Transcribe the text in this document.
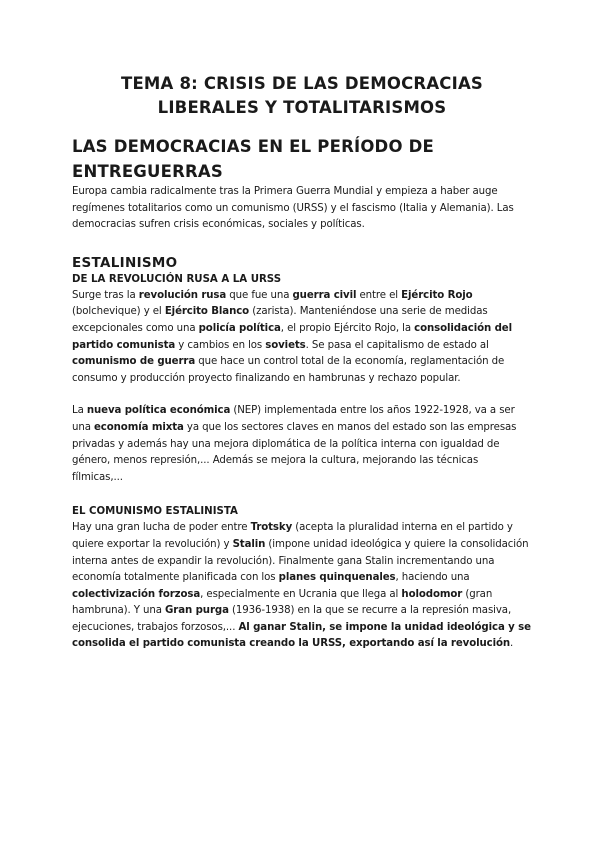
TEMA 8: CRISIS DE LAS DEMOCRACIAS
LIBERALES Y TOTALITARISMOS
LAS DEMOCRACIAS EN EL PERÍODO DE
ENTREGUERRAS

Europa cambia radicalmente tras la Primera Guerra Mundial y empieza a haber auge regímenes totalitarios como un comunismo (URSS) y el fascismo (Italia y Alemania). Las democracias sufren crisis económicas, sociales y políticas.

ESTALINISMO
DE LA REVOLUCIÓN RUSA A LA URSS

Surge tras la revolución rusa que fue una guerra civil entre el Ejército Rojo (bolchevique) y el Ejército Blanco (zarista). Manteniéndose una serie de medidas excepcionales como una policía política, el propio Ejército Rojo, la consolidación del partido comunista y cambios en los soviets. Se pasa el capitalismo de estado al comunismo de guerra que hace un control total de la economía, reglamentación de consumo y producción proyecto finalizando en hambrunas y rechazo popular.

La nueva política económica (NEP) implementada entre los años 1922-1928, va a ser una economía mixta ya que los sectores claves en manos del estado son las empresas privadas y además hay una mejora diplomática de la política interna con igualdad de género, menos represión,... Además se mejora la cultura, mejorando las técnicas fílmicas,...

EL COMUNISMO ESTALINISTA

Hay una gran lucha de poder entre Trotsky (acepta la pluralidad interna en el partido y quiere exportar la revolución) y Stalin (impone unidad ideológica y quiere la consolidación interna antes de expandir la revolución). Finalmente gana Stalin incrementando una economía totalmente planificada con los planes quinquenales, haciendo una colectivización forzosa, especialmente en Ucrania que llega al holodomor (gran hambruna). Y una Gran purga (1936-1938) en la que se recurre a la represión masiva, ejecuciones, trabajos forzosos,... Al ganar Stalin, se impone la unidad ideológica y se consolida el partido comunista creando la URSS, exportando así la revolución.
